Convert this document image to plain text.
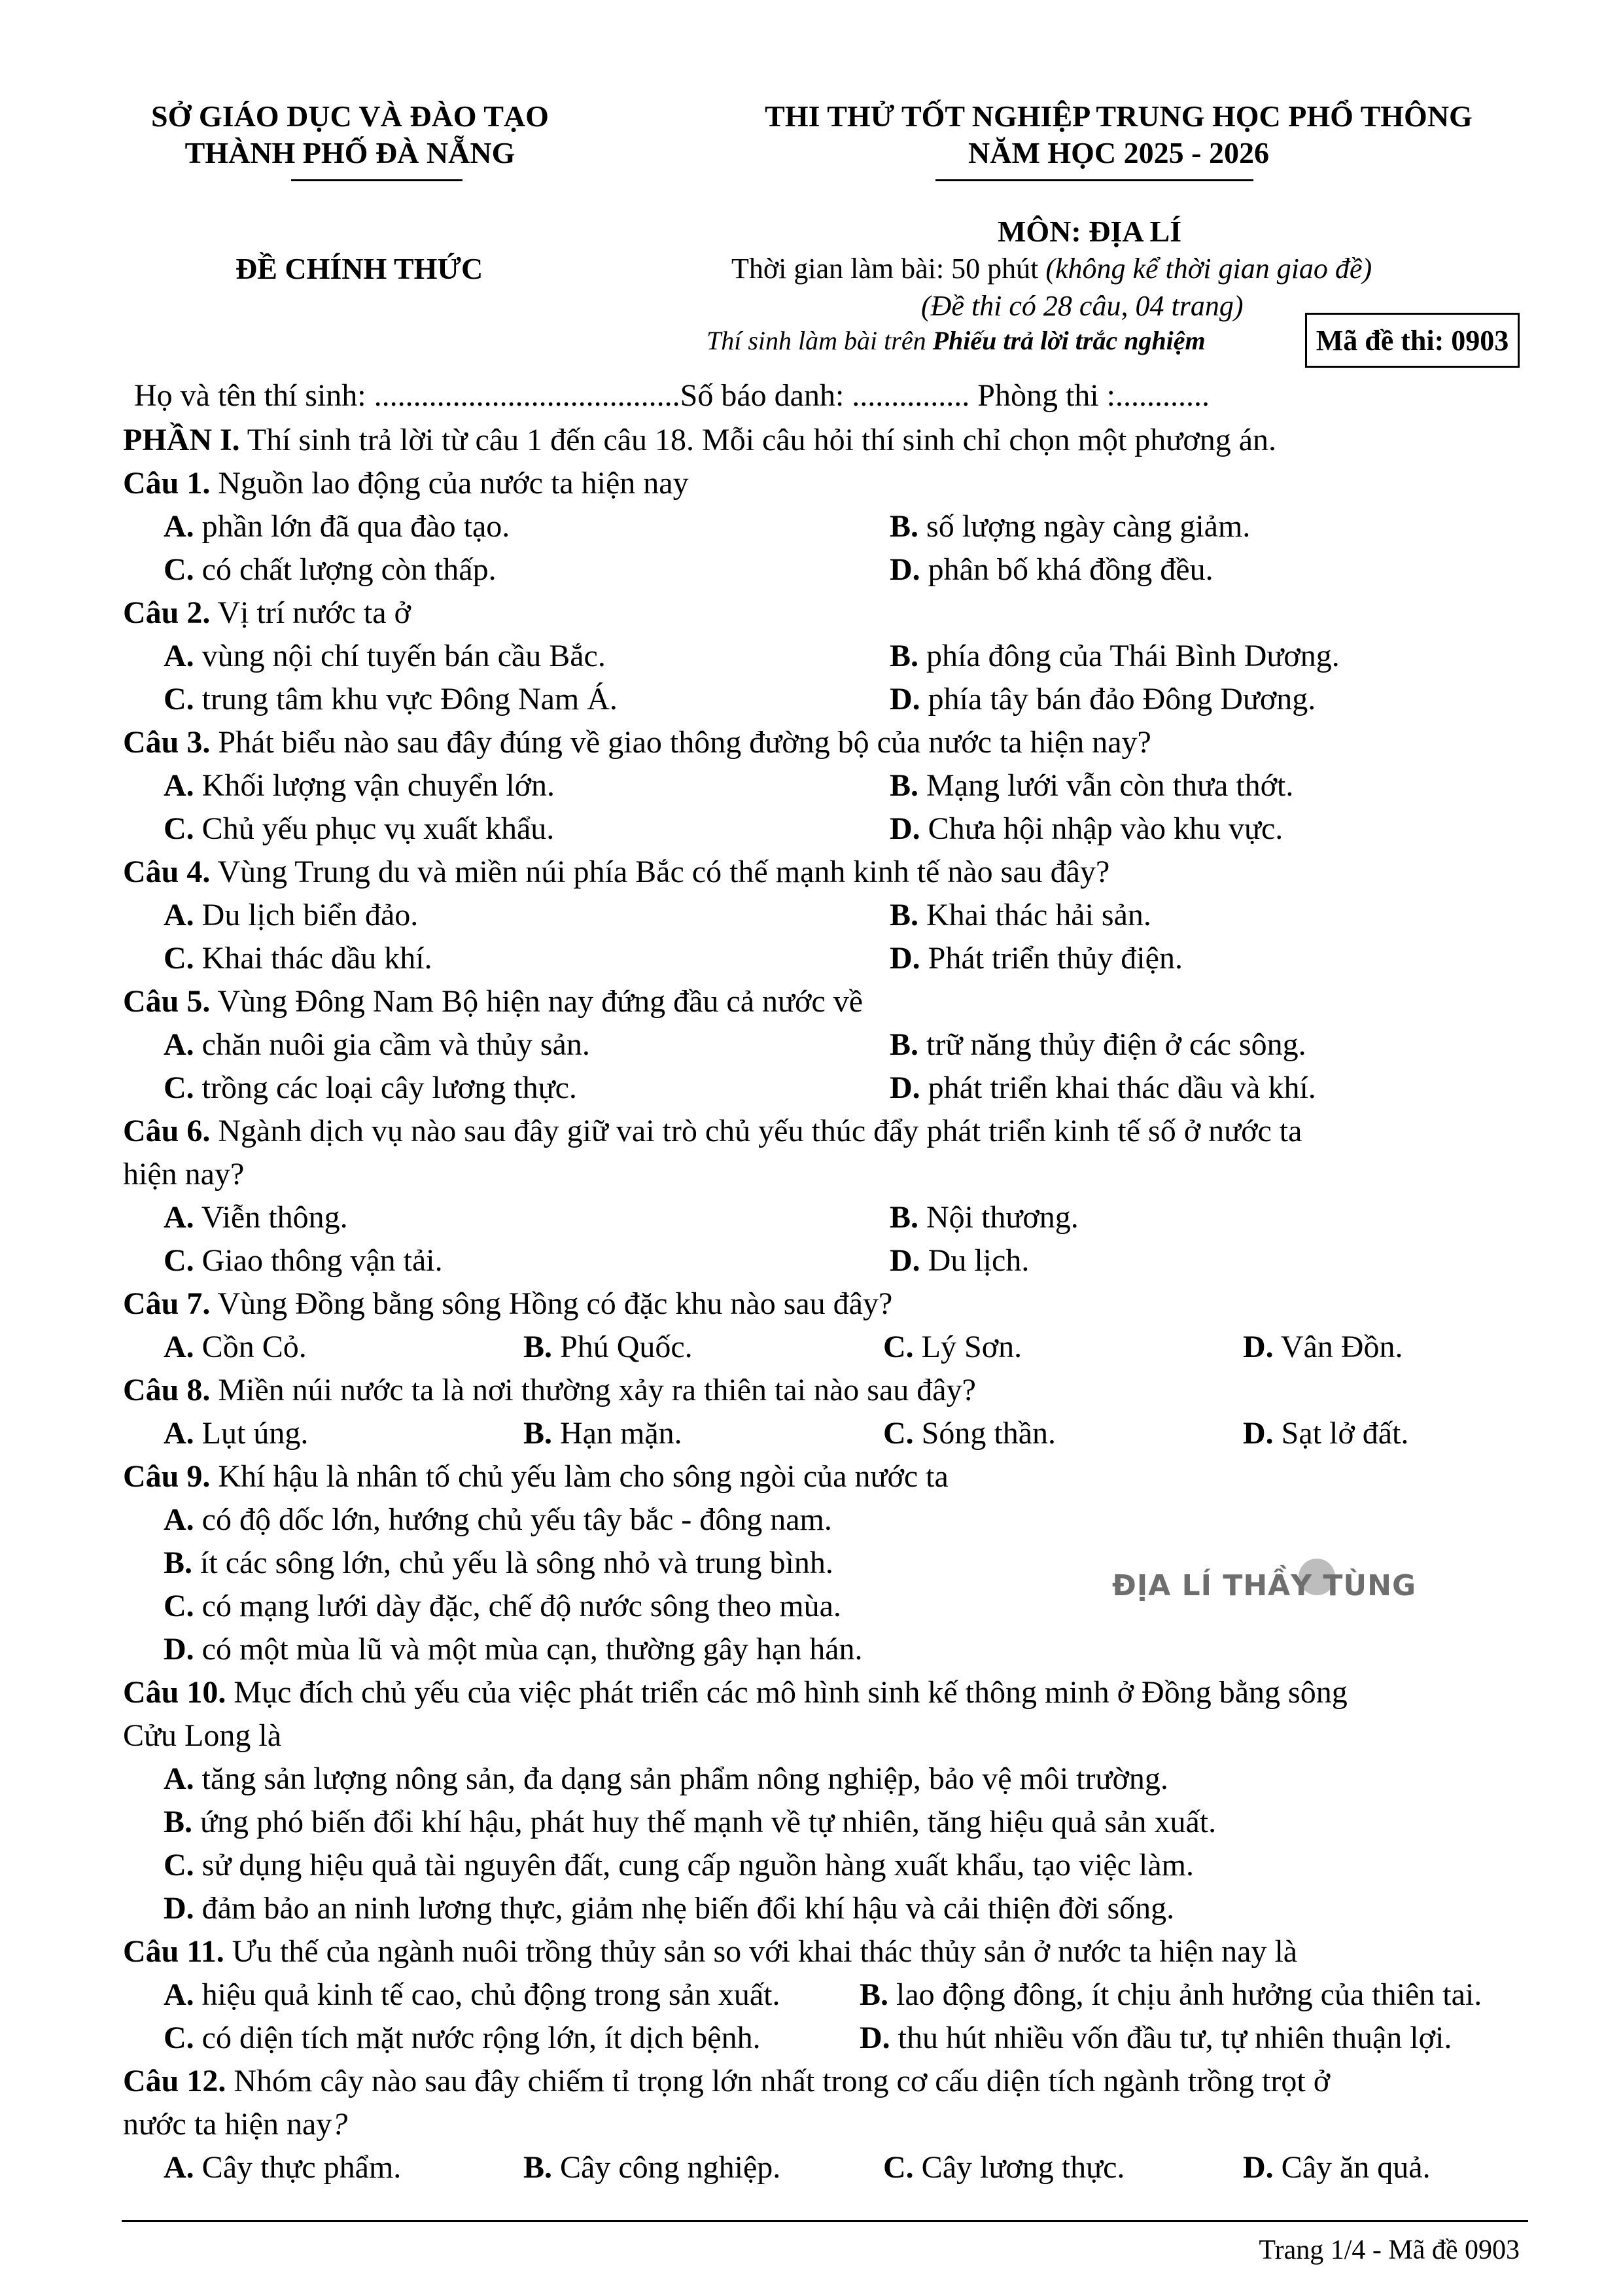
SỞ GIÁO DỤC VÀ ĐÀO TẠO
THÀNH PHỐ ĐÀ NẴNG
THI THỬ TỐT NGHIỆP TRUNG HỌC PHỔ THÔNG
NĂM HỌC 2025 - 2026
MÔN: ĐỊA LÍ
ĐỀ CHÍNH THỨC	Thời gian làm bài: 50 phút (không kể thời gian giao đề)
(Đề thi có 28 câu, 04 trang)
Thí sinh làm bài trên Phiếu trả lời trắc nghiệm	Mã đề thi: 0903
Họ và tên thí sinh: .......................................Số báo danh: ............... Phòng thi :............
PHẦN I. Thí sinh trả lời từ câu 1 đến câu 18. Mỗi câu hỏi thí sinh chỉ chọn một phương án.
Câu 1. Nguồn lao động của nước ta hiện nay
A. phần lớn đã qua đào tạo.	B. số lượng ngày càng giảm.
C. có chất lượng còn thấp.	D. phân bố khá đồng đều.
Câu 2. Vị trí nước ta ở
A. vùng nội chí tuyến bán cầu Bắc.	B. phía đông của Thái Bình Dương.
C. trung tâm khu vực Đông Nam Á.	D. phía tây bán đảo Đông Dương.
Câu 3. Phát biểu nào sau đây đúng về giao thông đường bộ của nước ta hiện nay?
A. Khối lượng vận chuyển lớn.	B. Mạng lưới vẫn còn thưa thớt.
C. Chủ yếu phục vụ xuất khẩu.	D. Chưa hội nhập vào khu vực.
Câu 4. Vùng Trung du và miền núi phía Bắc có thế mạnh kinh tế nào sau đây?
A. Du lịch biển đảo.	B. Khai thác hải sản.
C. Khai thác dầu khí.	D. Phát triển thủy điện.
Câu 5. Vùng Đông Nam Bộ hiện nay đứng đầu cả nước về
A. chăn nuôi gia cầm và thủy sản.	B. trữ năng thủy điện ở các sông.
C. trồng các loại cây lương thực.	D. phát triển khai thác dầu và khí.
Câu 6. Ngành dịch vụ nào sau đây giữ vai trò chủ yếu thúc đẩy phát triển kinh tế số ở nước ta
hiện nay?
A. Viễn thông.	B. Nội thương.
C. Giao thông vận tải.	D. Du lịch.
Câu 7. Vùng Đồng bằng sông Hồng có đặc khu nào sau đây?
A. Cồn Cỏ.	B. Phú Quốc.	C. Lý Sơn.	D. Vân Đồn.
Câu 8. Miền núi nước ta là nơi thường xảy ra thiên tai nào sau đây?
A. Lụt úng.	B. Hạn mặn.	C. Sóng thần.	D. Sạt lở đất.
Câu 9. Khí hậu là nhân tố chủ yếu làm cho sông ngòi của nước ta
A. có độ dốc lớn, hướng chủ yếu tây bắc - đông nam.
B. ít các sông lớn, chủ yếu là sông nhỏ và trung bình.
C. có mạng lưới dày đặc, chế độ nước sông theo mùa.
D. có một mùa lũ và một mùa cạn, thường gây hạn hán.
Câu 10. Mục đích chủ yếu của việc phát triển các mô hình sinh kế thông minh ở Đồng bằng sông
Cửu Long là
A. tăng sản lượng nông sản, đa dạng sản phẩm nông nghiệp, bảo vệ môi trường.
B. ứng phó biến đổi khí hậu, phát huy thế mạnh về tự nhiên, tăng hiệu quả sản xuất.
C. sử dụng hiệu quả tài nguyên đất, cung cấp nguồn hàng xuất khẩu, tạo việc làm.
D. đảm bảo an ninh lương thực, giảm nhẹ biến đổi khí hậu và cải thiện đời sống.
Câu 11. Ưu thế của ngành nuôi trồng thủy sản so với khai thác thủy sản ở nước ta hiện nay là
A. hiệu quả kinh tế cao, chủ động trong sản xuất.	B. lao động đông, ít chịu ảnh hưởng của thiên tai.
C. có diện tích mặt nước rộng lớn, ít dịch bệnh.	D. thu hút nhiều vốn đầu tư, tự nhiên thuận lợi.
Câu 12. Nhóm cây nào sau đây chiếm tỉ trọng lớn nhất trong cơ cấu diện tích ngành trồng trọt ở
nước ta hiện nay?
A. Cây thực phẩm.	B. Cây công nghiệp.	C. Cây lương thực.	D. Cây ăn quả.
ĐỊA LÍ THẦY TÙNG
Trang 1/4 - Mã đề 0903
